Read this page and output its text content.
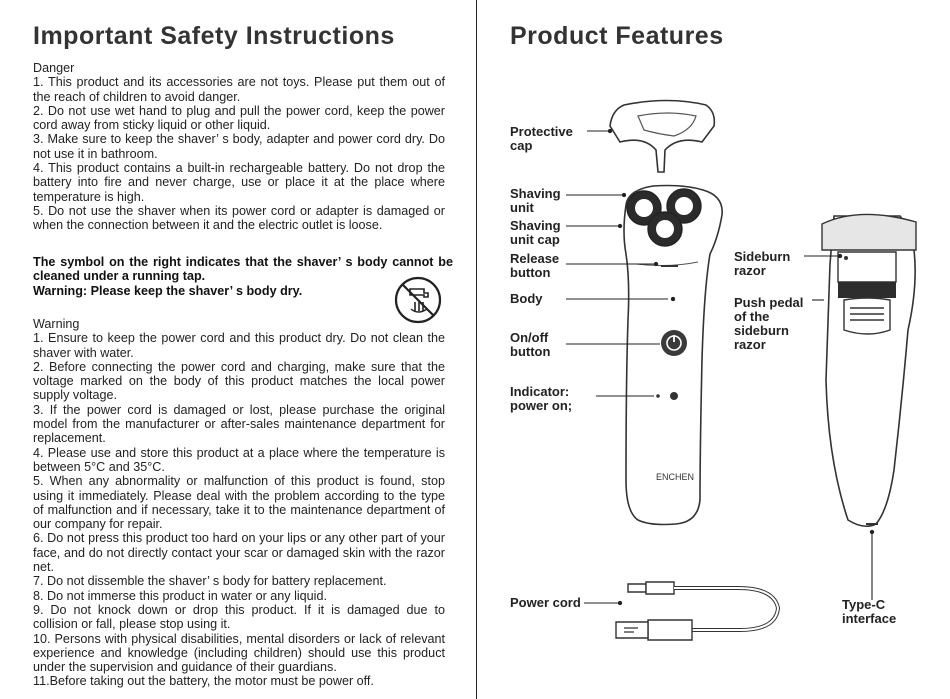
Important Safety Instructions

Danger

1. This product and its accessories are not toys. Please put them out of the reach of children to avoid danger.

2. Do not use wet hand to plug and pull the power cord, keep the power cord away from sticky liquid or other liquid.

3. Make sure to keep the shaver’ s body, adapter and power cord dry. Do not use it in bathroom.

4. This product contains a built-in rechargeable battery. Do not drop the battery into fire and never charge, use or place it at the place where temperature is high.

5. Do not use the shaver when its power cord or adapter is damaged or when the connection between it and the electric outlet is loose.

The symbol on the right indicates that the shaver’ s body cannot be cleaned under a running tap.

Warning: Please keep the shaver’ s body dry.

Warning

1. Ensure to keep the power cord and this product dry. Do not clean the shaver with water.

2. Before connecting the power cord and charging, make sure that the voltage marked on the body of this product matches the local power supply voltage.

3. If the power cord is damaged or lost, please purchase the original model from the manufacturer or after-sales maintenance department for replacement.

4. Please use and store this product at a place where the temperature is between 5°C and 35°C.

5. When any abnormality or malfunction of this product is found, stop using it immediately. Please deal with the problem according to the type of malfunction and if necessary, take it to the maintenance department of our company for repair.

6. Do not press this product too hard on your lips or any other part of your face, and do not directly contact your scar or damaged skin with the razor net.

7. Do not dissemble the shaver’ s body for battery replacement.

8. Do not immerse this product in water or any liquid.

9. Do not knock down or drop this product. If it is damaged due to collision or fall, please stop using it.

10. Persons with physical disabilities, mental disorders or lack of relevant experience and knowledge (including children) should use this product under the supervision and guidance of their guardians.

11.Before taking out the battery, the motor must be power off.

Product Features
ENCHEN

Protective

cap

Shaving

unit

Shaving

unit cap

Release

button

Body

On/off

button

Indicator:

power on;

Power cord

Sideburn

razor

Push pedal

of the

sideburn

razor

Type-C

interface
